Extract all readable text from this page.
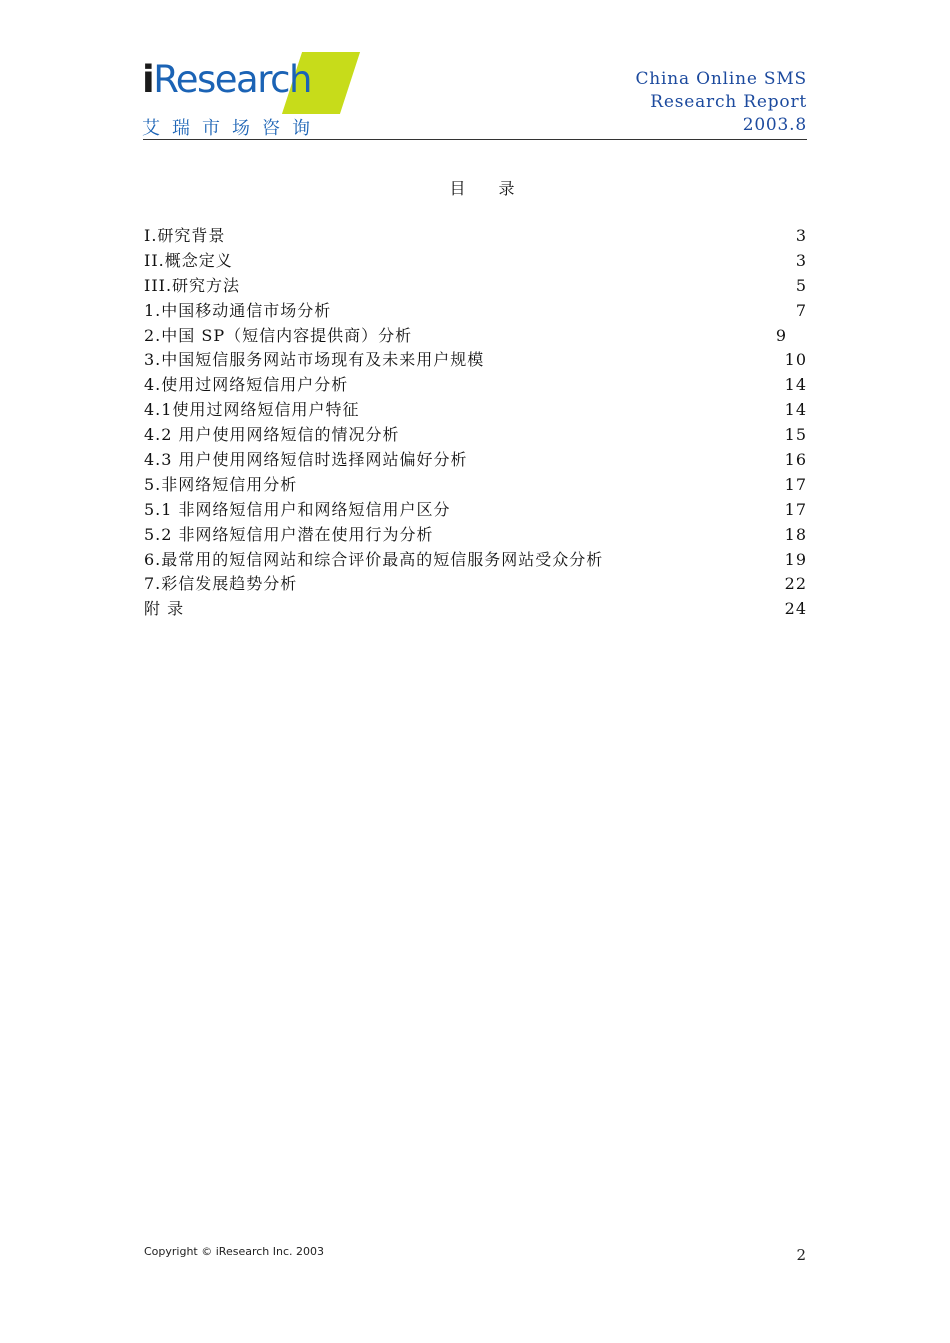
iResearch
艾瑞市场咨询
China Online SMS
Research Report
2003.8
目 录
I.研究背景	3
II.概念定义	3
III.研究方法	5
1.中国移动通信市场分析	7
2.中国 SP（短信内容提供商）分析	9
3.中国短信服务网站市场现有及未来用户规模	10
4.使用过网络短信用户分析	14
4.1使用过网络短信用户特征	14
4.2 用户使用网络短信的情况分析	15
4.3 用户使用网络短信时选择网站偏好分析	16
5.非网络短信用分析	17
5.1 非网络短信用户和网络短信用户区分	17
5.2 非网络短信用户潜在使用行为分析	18
6.最常用的短信网站和综合评价最高的短信服务网站受众分析	19
7.彩信发展趋势分析	22
附 录	24
Copyright © iResearch Inc. 2003	2
